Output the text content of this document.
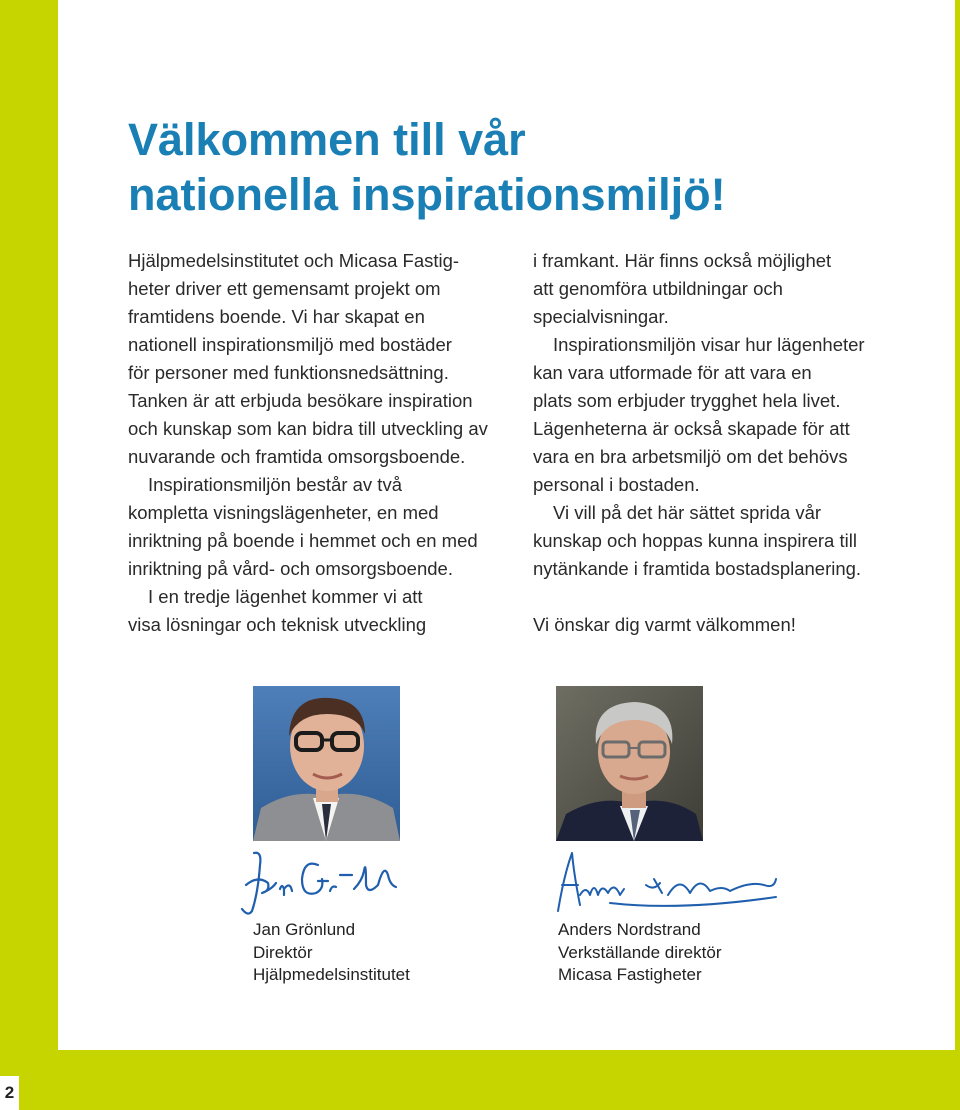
Välkommen till vår
nationella inspirationsmiljö!

Hjälpmedelsinstitutet och Micasa Fastig-
heter driver ett gemensamt projekt om
framtidens boende. Vi har skapat en
nationell inspirationsmiljö med bostäder
för personer med funktionsnedsättning.
Tanken är att erbjuda besökare inspiration
och kunskap som kan bidra till utveckling av
nuvarande och framtida omsorgsboende.

Inspirationsmiljön består av två
kompletta visningslägenheter, en med
inriktning på boende i hemmet och en med
inriktning på vård- och omsorgsboende.

I en tredje lägenhet kommer vi att
visa lösningar och teknisk utveckling

i framkant. Här finns också möjlighet
att genomföra utbildningar och
specialvisningar.

Inspirationsmiljön visar hur lägenheter
kan vara utformade för att vara en
plats som erbjuder trygghet hela livet.
Lägenheterna är också skapade för att
vara en bra arbetsmiljö om det behövs
personal i bostaden.

Vi vill på det här sättet sprida vår
kunskap och hoppas kunna inspirera till
nytänkande i framtida bostadsplanering.

Vi önskar dig varmt välkommen!

Jan Grönlund
Direktör
Hjälpmedelsinstitutet
Anders Nordstrand
Verkställande direktör
Micasa Fastigheter
2
